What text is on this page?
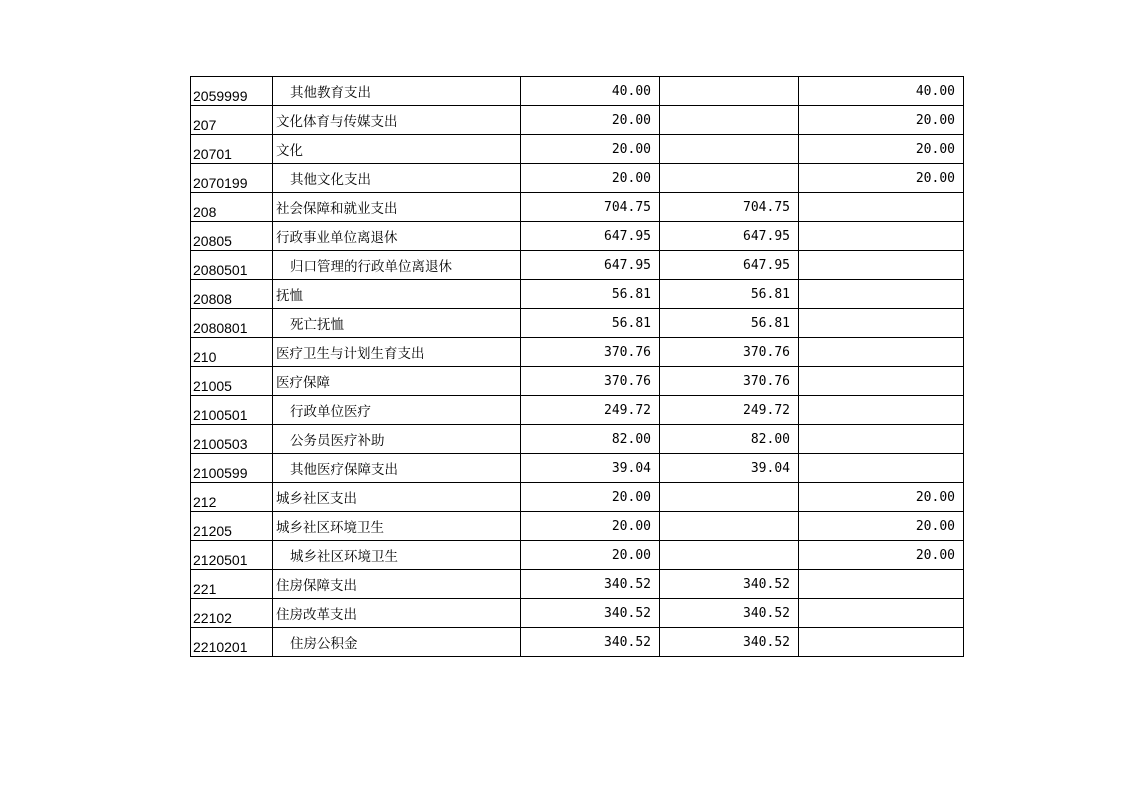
2059999	其他教育支出	40.00		40.00
207	文化体育与传媒支出	20.00		20.00
20701	文化	20.00		20.00
2070199	其他文化支出	20.00		20.00
208	社会保障和就业支出	704.75	704.75	
20805	行政事业单位离退休	647.95	647.95	
2080501	归口管理的行政单位离退休	647.95	647.95	
20808	抚恤	56.81	56.81	
2080801	死亡抚恤	56.81	56.81	
210	医疗卫生与计划生育支出	370.76	370.76	
21005	医疗保障	370.76	370.76	
2100501	行政单位医疗	249.72	249.72	
2100503	公务员医疗补助	82.00	82.00	
2100599	其他医疗保障支出	39.04	39.04	
212	城乡社区支出	20.00		20.00
21205	城乡社区环境卫生	20.00		20.00
2120501	城乡社区环境卫生	20.00		20.00
221	住房保障支出	340.52	340.52	
22102	住房改革支出	340.52	340.52	
2210201	住房公积金	340.52	340.52	
